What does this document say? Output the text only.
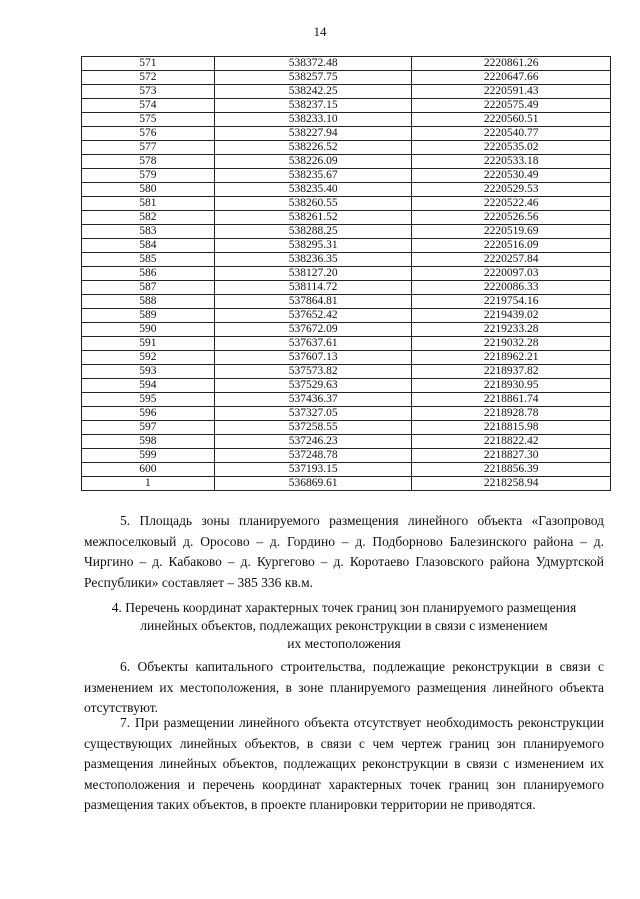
14
571	538372.48	2220861.26
572	538257.75	2220647.66
573	538242.25	2220591.43
574	538237.15	2220575.49
575	538233.10	2220560.51
576	538227.94	2220540.77
577	538226.52	2220535.02
578	538226.09	2220533.18
579	538235.67	2220530.49
580	538235.40	2220529.53
581	538260.55	2220522.46
582	538261.52	2220526.56
583	538288.25	2220519.69
584	538295.31	2220516.09
585	538236.35	2220257.84
586	538127.20	2220097.03
587	538114.72	2220086.33
588	537864.81	2219754.16
589	537652.42	2219439.02
590	537672.09	2219233.28
591	537637.61	2219032.28
592	537607.13	2218962.21
593	537573.82	2218937.82
594	537529.63	2218930.95
595	537436.37	2218861.74
596	537327.05	2218928.78
597	537258.55	2218815.98
598	537246.23	2218822.42
599	537248.78	2218827.30
600	537193.15	2218856.39
1	536869.61	2218258.94

5. Площадь зоны планируемого размещения линейного объекта «Газопровод межпоселковый д. Оросово – д. Гордино – д. Подборново Балезинского района – д. Чиргино – д. Кабаково – д. Кургегово – д. Коротаево Глазовского района Удмуртской Республики» составляет – 385 336 кв.м.

4. Перечень координат характерных точек границ зон планируемого размещения
линейных объектов, подлежащих реконструкции в связи с изменением
их местоположения

6. Объекты капитального строительства, подлежащие реконструкции в связи с изменением их местоположения, в зоне планируемого размещения линейного объекта отсутствуют.

7. При размещении линейного объекта отсутствует необходимость реконструкции существующих линейных объектов, в связи с чем чертеж границ зон планируемого размещения линейных объектов, подлежащих реконструкции в связи с изменением их местоположения и перечень координат характерных точек границ зон планируемого размещения таких объектов, в проекте планировки территории не приводятся.
